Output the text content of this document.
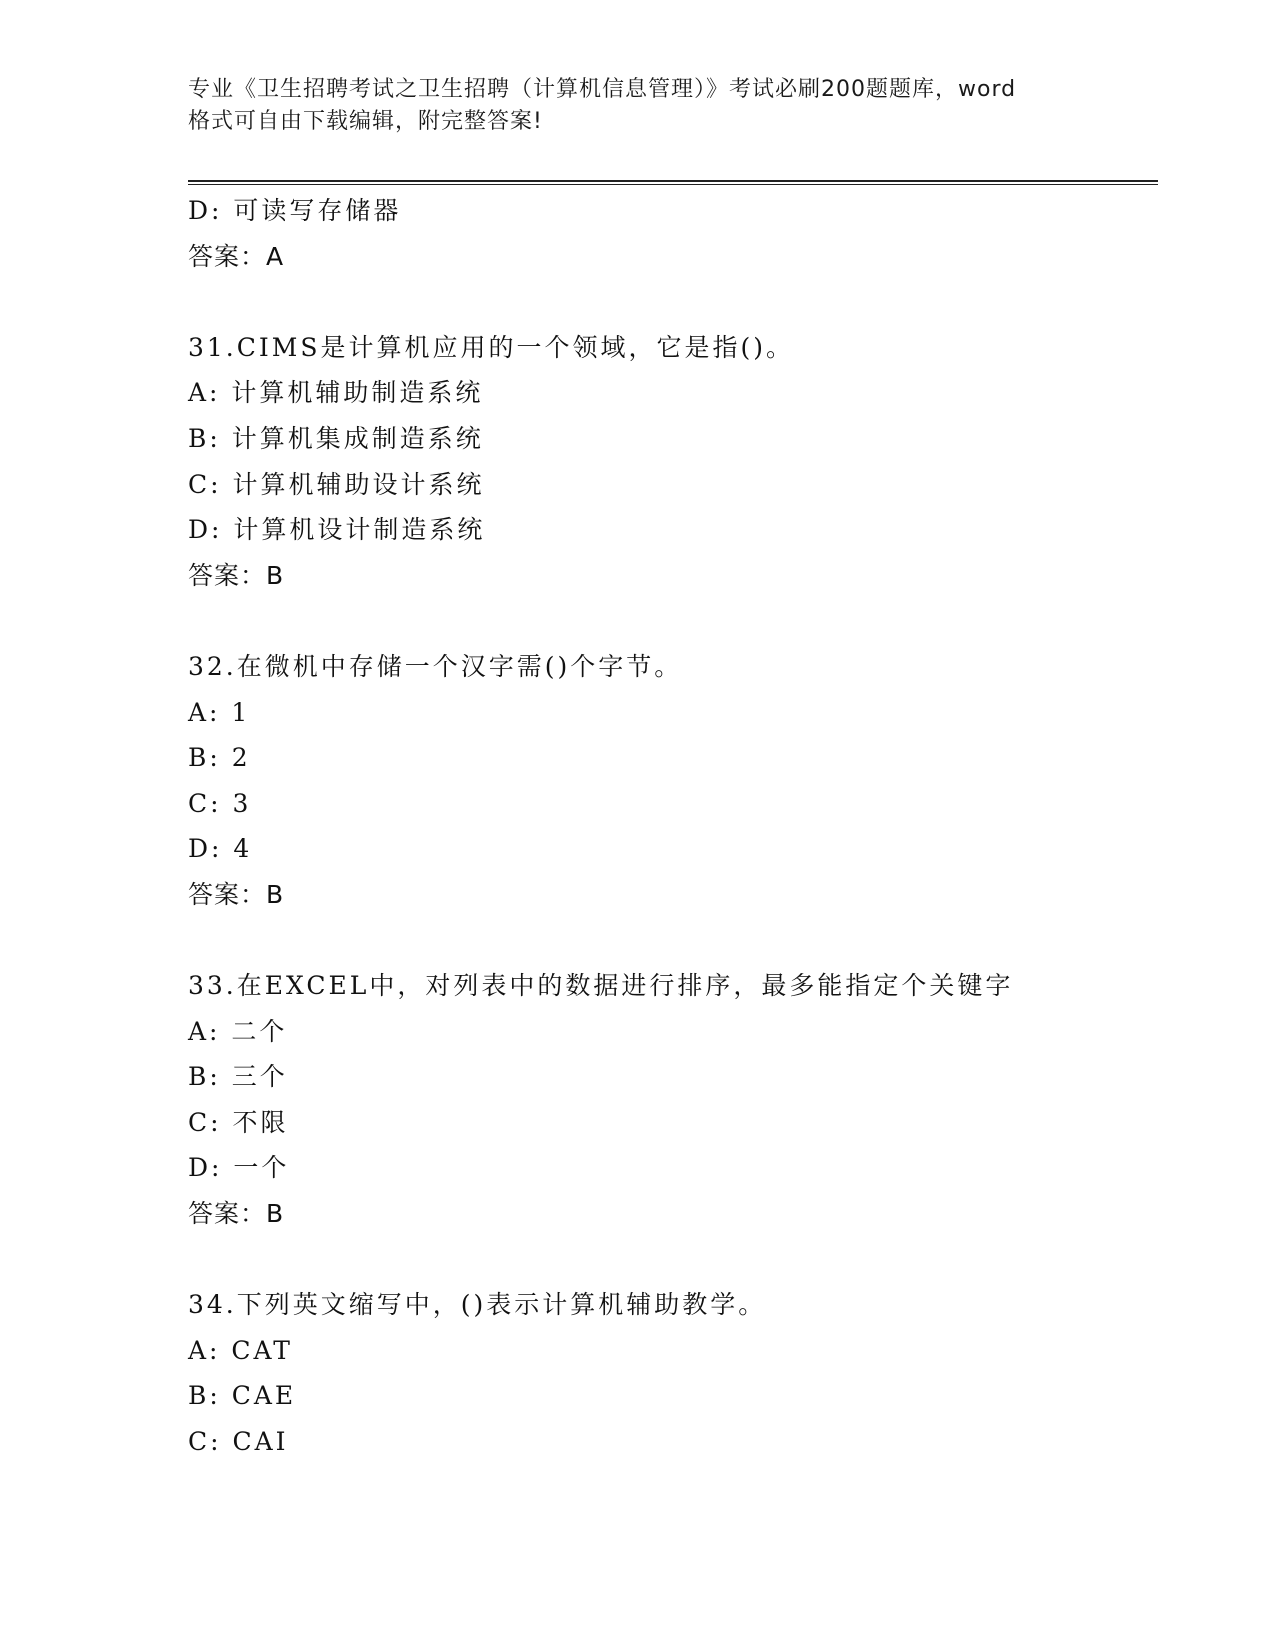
专业《卫生招聘考试之卫生招聘（计算机信息管理）》考试必刷200题题库，word
格式可自由下载编辑，附完整答案!
D: 可读写存储器
答案：A
31.CIMS是计算机应用的一个领域，它是指()。
A: 计算机辅助制造系统
B: 计算机集成制造系统
C: 计算机辅助设计系统
D: 计算机设计制造系统
答案：B
32.在微机中存储一个汉字需()个字节。
A: 1
B: 2
C: 3
D: 4
答案：B
33.在EXCEL中，对列表中的数据进行排序，最多能指定个关键字
A: 二个
B: 三个
C: 不限
D: 一个
答案：B
34.下列英文缩写中，()表示计算机辅助教学。
A: CAT
B: CAE
C: CAI
